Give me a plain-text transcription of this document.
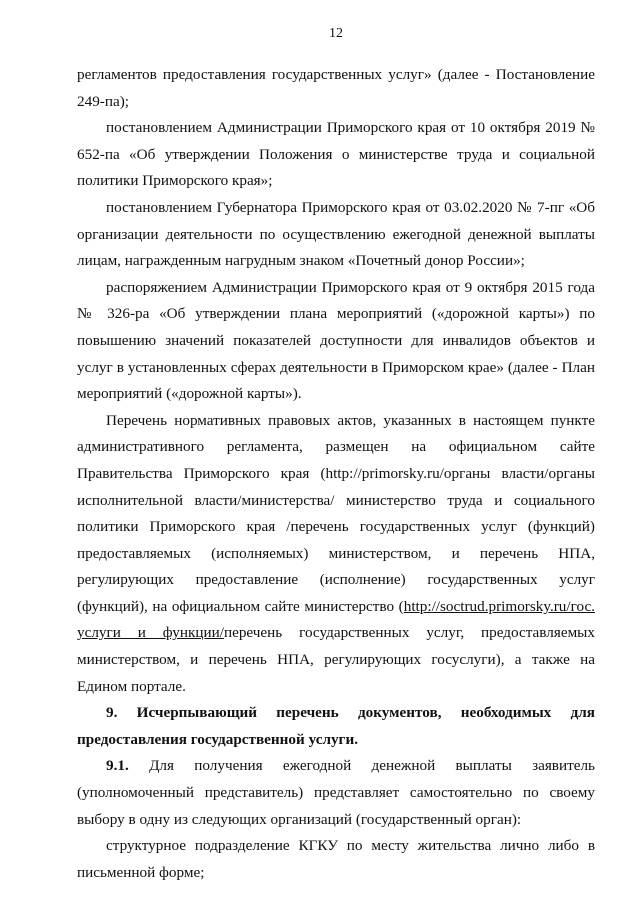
12

регламентов предоставления государственных услуг» (далее - Постановление 249-па);

постановлением Администрации Приморского края от 10 октября 2019 № 652-па «Об утверждении Положения о министерстве труда и социальной политики Приморского края»;

постановлением Губернатора Приморского края от 03.02.2020 № 7-пг «Об организации деятельности по осуществлению ежегодной денежной выплаты лицам, награжденным нагрудным знаком «Почетный донор России»;

распоряжением Администрации Приморского края от 9 октября 2015 года № 326-ра «Об утверждении плана мероприятий («дорожной карты») по повышению значений показателей доступности для инвалидов объектов и услуг в установленных сферах деятельности в Приморском крае» (далее - План мероприятий («дорожной карты»).

Перечень нормативных правовых актов, указанных в настоящем пункте административного регламента, размещен на официальном сайте Правительства Приморского края (http://primorsky.ru/органы власти/органы исполнительной власти/министерства/ министерство труда и социального политики Приморского края /перечень государственных услуг (функций) предоставляемых (исполняемых) министерством, и перечень НПА, регулирующих предоставление (исполнение) государственных услуг (функций), на официальном сайте министерство (http://soctrud.primorsky.ru/гос. услуги и функции/перечень государственных услуг, предоставляемых министерством, и перечень НПА, регулирующих госуслуги), а также на Едином портале.

9. Исчерпывающий перечень документов, необходимых для предоставления государственной услуги.

9.1. Для получения ежегодной денежной выплаты заявитель (уполномоченный представитель) представляет самостоятельно по своему выбору в одну из следующих организаций (государственный орган):

структурное подразделение КГКУ по месту жительства лично либо в письменной форме;
